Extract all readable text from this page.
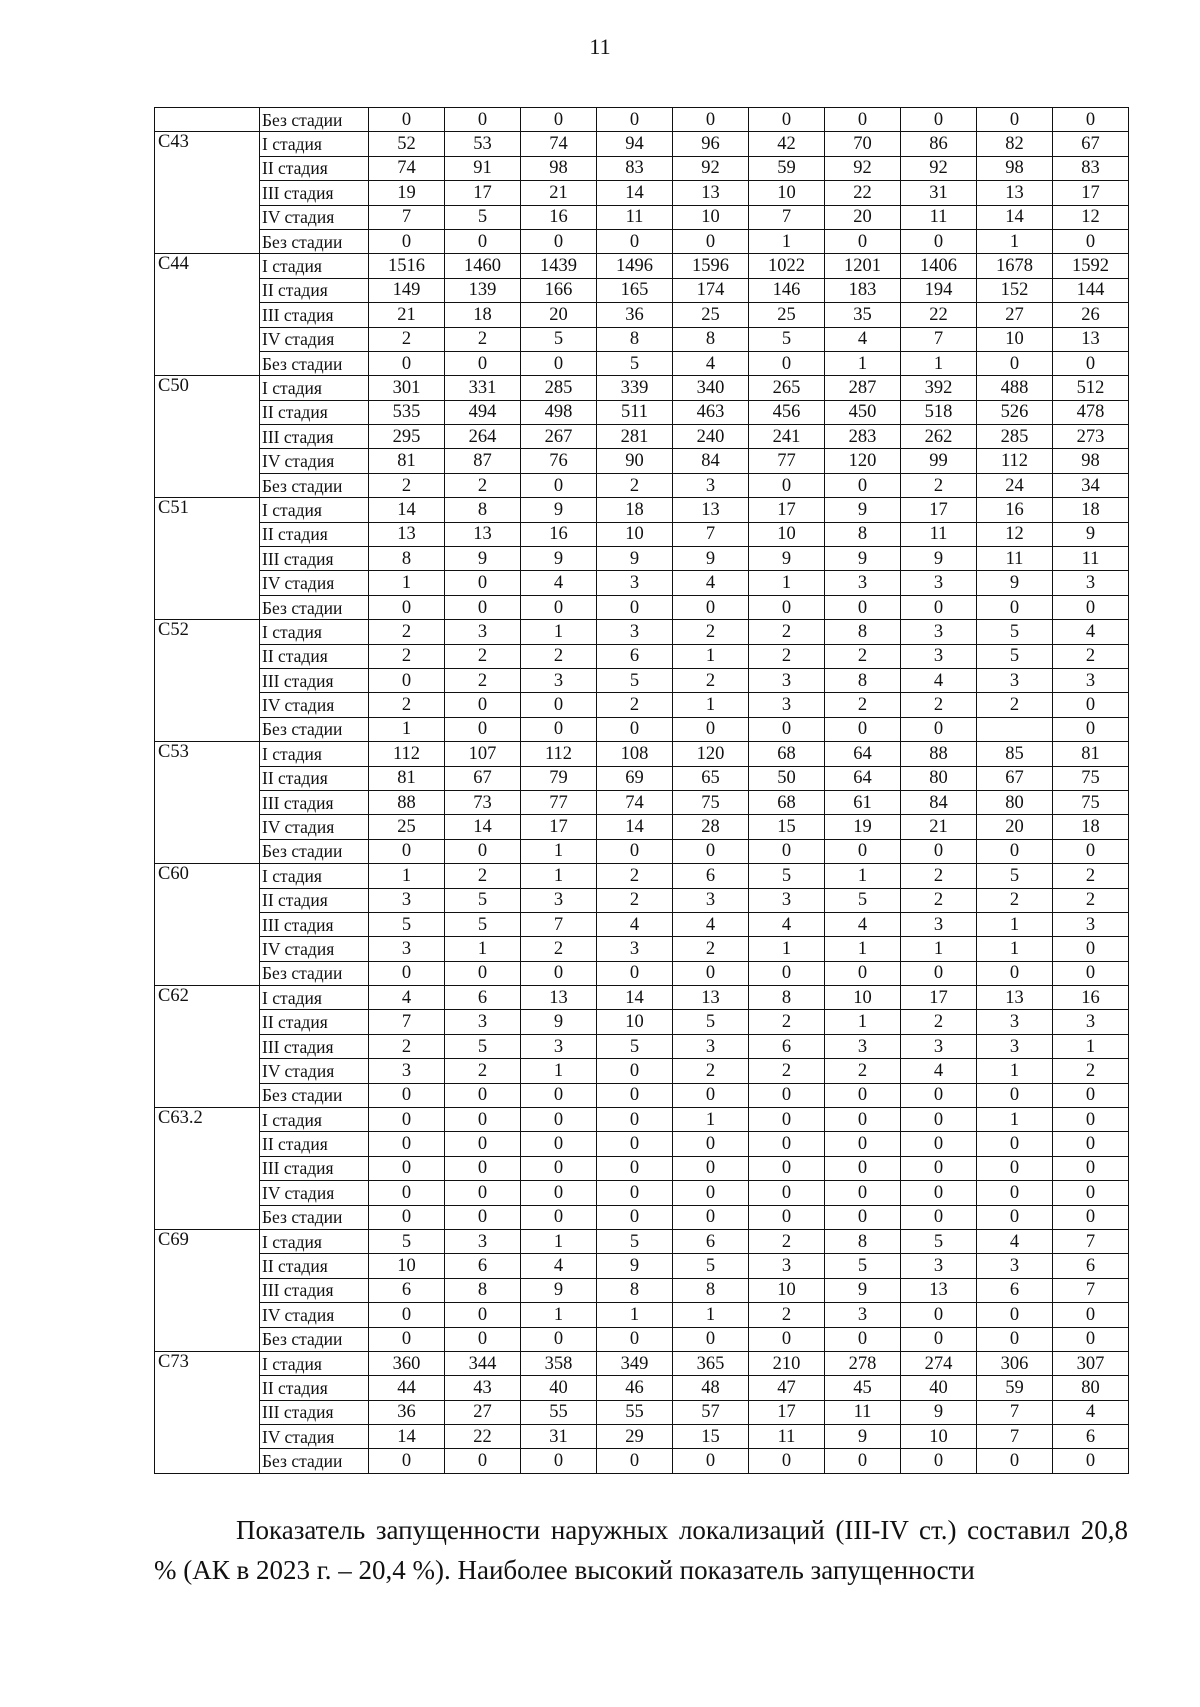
11
	Без стадии	0	0	0	0	0	0	0	0	0	0
C43	I стадия	52	53	74	94	96	42	70	86	82	67
	II стадия	74	91	98	83	92	59	92	92	98	83
	III стадия	19	17	21	14	13	10	22	31	13	17
	IV стадия	7	5	16	11	10	7	20	11	14	12
	Без стадии	0	0	0	0	0	1	0	0	1	0
C44	I стадия	1516	1460	1439	1496	1596	1022	1201	1406	1678	1592
	II стадия	149	139	166	165	174	146	183	194	152	144
	III стадия	21	18	20	36	25	25	35	22	27	26
	IV стадия	2	2	5	8	8	5	4	7	10	13
	Без стадии	0	0	0	5	4	0	1	1	0	0
C50	I стадия	301	331	285	339	340	265	287	392	488	512
	II стадия	535	494	498	511	463	456	450	518	526	478
	III стадия	295	264	267	281	240	241	283	262	285	273
	IV стадия	81	87	76	90	84	77	120	99	112	98
	Без стадии	2	2	0	2	3	0	0	2	24	34
C51	I стадия	14	8	9	18	13	17	9	17	16	18
	II стадия	13	13	16	10	7	10	8	11	12	9
	III стадия	8	9	9	9	9	9	9	9	11	11
	IV стадия	1	0	4	3	4	1	3	3	9	3
	Без стадии	0	0	0	0	0	0	0	0	0	0
C52	I стадия	2	3	1	3	2	2	8	3	5	4
	II стадия	2	2	2	6	1	2	2	3	5	2
	III стадия	0	2	3	5	2	3	8	4	3	3
	IV стадия	2	0	0	2	1	3	2	2	2	0
	Без стадии	1	0	0	0	0	0	0	0		0
C53	I стадия	112	107	112	108	120	68	64	88	85	81
	II стадия	81	67	79	69	65	50	64	80	67	75
	III стадия	88	73	77	74	75	68	61	84	80	75
	IV стадия	25	14	17	14	28	15	19	21	20	18
	Без стадии	0	0	1	0	0	0	0	0	0	0
C60	I стадия	1	2	1	2	6	5	1	2	5	2
	II стадия	3	5	3	2	3	3	5	2	2	2
	III стадия	5	5	7	4	4	4	4	3	1	3
	IV стадия	3	1	2	3	2	1	1	1	1	0
	Без стадии	0	0	0	0	0	0	0	0	0	0
C62	I стадия	4	6	13	14	13	8	10	17	13	16
	II стадия	7	3	9	10	5	2	1	2	3	3
	III стадия	2	5	3	5	3	6	3	3	3	1
	IV стадия	3	2	1	0	2	2	2	4	1	2
	Без стадии	0	0	0	0	0	0	0	0	0	0
C63.2	I стадия	0	0	0	0	1	0	0	0	1	0
	II стадия	0	0	0	0	0	0	0	0	0	0
	III стадия	0	0	0	0	0	0	0	0	0	0
	IV стадия	0	0	0	0	0	0	0	0	0	0
	Без стадии	0	0	0	0	0	0	0	0	0	0
C69	I стадия	5	3	1	5	6	2	8	5	4	7
	II стадия	10	6	4	9	5	3	5	3	3	6
	III стадия	6	8	9	8	8	10	9	13	6	7
	IV стадия	0	0	1	1	1	2	3	0	0	0
	Без стадии	0	0	0	0	0	0	0	0	0	0
C73	I стадия	360	344	358	349	365	210	278	274	306	307
	II стадия	44	43	40	46	48	47	45	40	59	80
	III стадия	36	27	55	55	57	17	11	9	7	4
	IV стадия	14	22	31	29	15	11	9	10	7	6
	Без стадии	0	0	0	0	0	0	0	0	0	0
Показатель запущенности наружных локализаций (III-IV ст.) составил 20,8 % (АК в 2023 г. – 20,4 %). Наиболее высокий показатель запущенности
